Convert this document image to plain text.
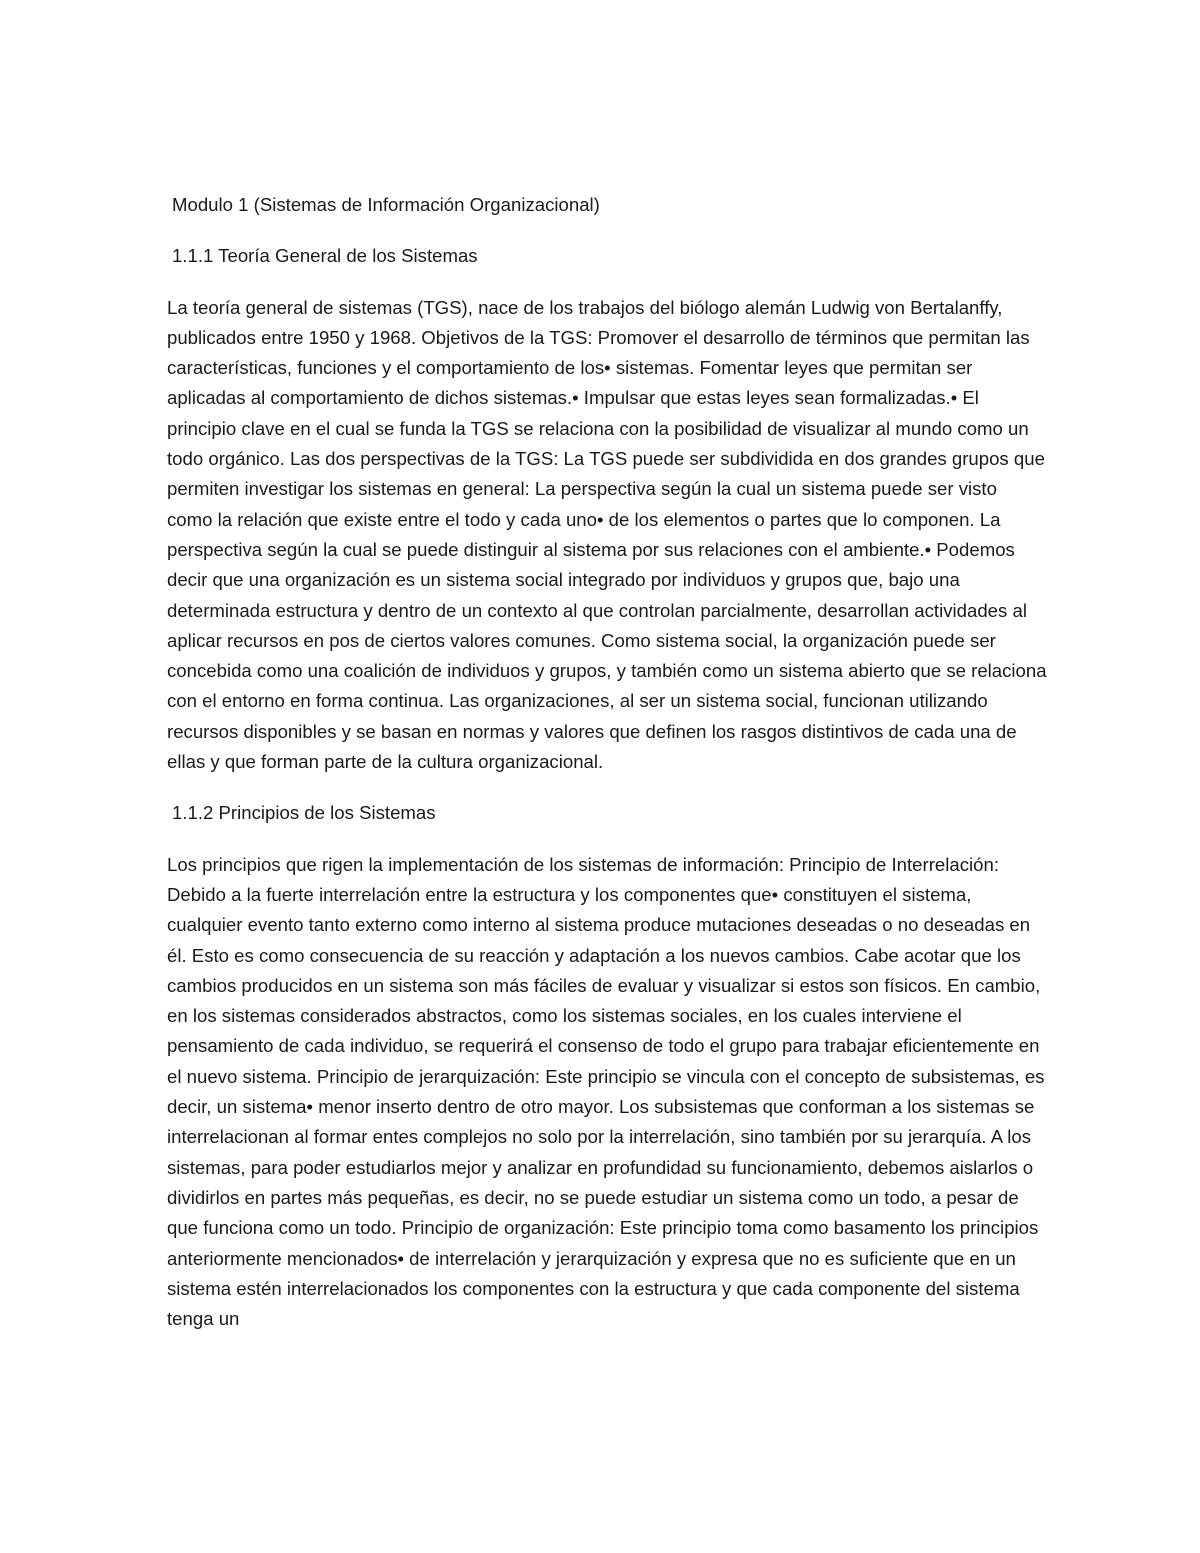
Modulo 1 (Sistemas de Información Organizacional)

1.1.1 Teoría General de los Sistemas

La teoría general de sistemas (TGS), nace de los trabajos del biólogo alemán Ludwig von Bertalanffy, publicados entre 1950 y 1968. Objetivos de la TGS: Promover el desarrollo de términos que permitan las características, funciones y el comportamiento de los• sistemas. Fomentar leyes que permitan ser aplicadas al comportamiento de dichos sistemas.• Impulsar que estas leyes sean formalizadas.• El principio clave en el cual se funda la TGS se relaciona con la posibilidad de visualizar al mundo como un todo orgánico. Las dos perspectivas de la TGS: La TGS puede ser subdividida en dos grandes grupos que permiten investigar los sistemas en general: La perspectiva según la cual un sistema puede ser visto como la relación que existe entre el todo y cada uno• de los elementos o partes que lo componen. La perspectiva según la cual se puede distinguir al sistema por sus relaciones con el ambiente.• Podemos decir que una organización es un sistema social integrado por individuos y grupos que, bajo una determinada estructura y dentro de un contexto al que controlan parcialmente, desarrollan actividades al aplicar recursos en pos de ciertos valores comunes. Como sistema social, la organización puede ser concebida como una coalición de individuos y grupos, y también como un sistema abierto que se relaciona con el entorno en forma continua. Las organizaciones, al ser un sistema social, funcionan utilizando recursos disponibles y se basan en normas y valores que definen los rasgos distintivos de cada una de ellas y que forman parte de la cultura organizacional.

1.1.2 Principios de los Sistemas

Los principios que rigen la implementación de los sistemas de información: Principio de Interrelación: Debido a la fuerte interrelación entre la estructura y los componentes que• constituyen el sistema, cualquier evento tanto externo como interno al sistema produce mutaciones deseadas o no deseadas en él. Esto es como consecuencia de su reacción y adaptación a los nuevos cambios. Cabe acotar que los cambios producidos en un sistema son más fáciles de evaluar y visualizar si estos son físicos. En cambio, en los sistemas considerados abstractos, como los sistemas sociales, en los cuales interviene el pensamiento de cada individuo, se requerirá el consenso de todo el grupo para trabajar eficientemente en el nuevo sistema. Principio de jerarquización: Este principio se vincula con el concepto de subsistemas, es decir, un sistema• menor inserto dentro de otro mayor. Los subsistemas que conforman a los sistemas se interrelacionan al formar entes complejos no solo por la interrelación, sino también por su jerarquía. A los sistemas, para poder estudiarlos mejor y analizar en profundidad su funcionamiento, debemos aislarlos o dividirlos en partes más pequeñas, es decir, no se puede estudiar un sistema como un todo, a pesar de que funciona como un todo. Principio de organización: Este principio toma como basamento los principios anteriormente mencionados• de interrelación y jerarquización y expresa que no es suficiente que en un sistema estén interrelacionados los componentes con la estructura y que cada componente del sistema tenga un
